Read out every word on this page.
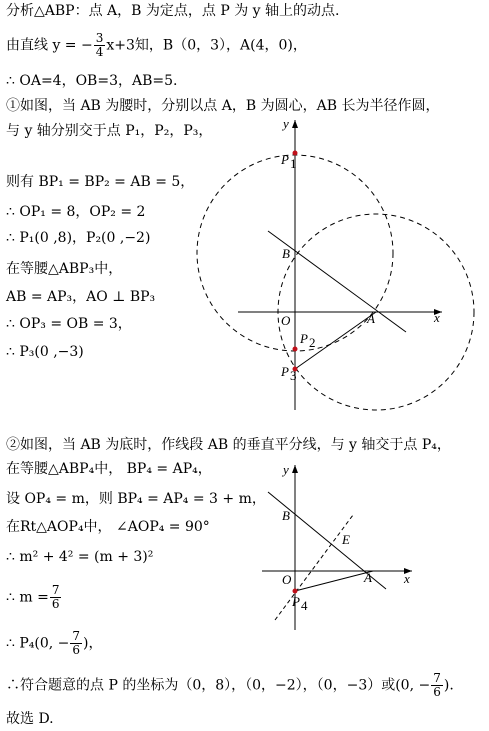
分析△ABP：点 A，B 为定点，点 P 为 y 轴上的动点.
由直线 y = − $\frac{3}{4} x+3$知，B（0，3），A(4，0)，
∴ OA=4，OB=3，AB=5.
①如图，当 AB 为腰时，分别以点 A，B 为圆心，AB 长为半径作圆，
与 y 轴分别交于点 P₁，P₂，P₃，
则有 BP₁ = BP₂ = AB = 5，
∴ OP₁ = 8，OP₂ = 2
∴ P₁(0 ,8)，P₂(0 ,−2)
在等腰△ABP₃中，
AB = AP₃，AO ⊥ BP₃
∴ OP₃ = OB = 3，
∴ P₃(0 ,−3)
②如图，当 AB 为底时，作线段 AB 的垂直平分线，与 y 轴交于点 P₄，
在等腰△ABP₄中， BP₄ = AP₄，
设 OP₄ = m，则 BP₄ = AP₄ = 3 + m，
在Rt△AOP₄中， ∠AOP₄ = 90°
∴ m² + 4² = (m + 3)²
∴ $m = \frac{7}{6}$
∴ P₄(0, − $\frac{7}{6}$ )，
∴符合题意的点 P 的坐标为（0，8），（0，−2），（0，−3）或(0, − $\frac{7}{6}$ ).
故选 D.
y
x
P 1
B
O	A
P 2
P 3
y
x
B
E
O	A
P 4
